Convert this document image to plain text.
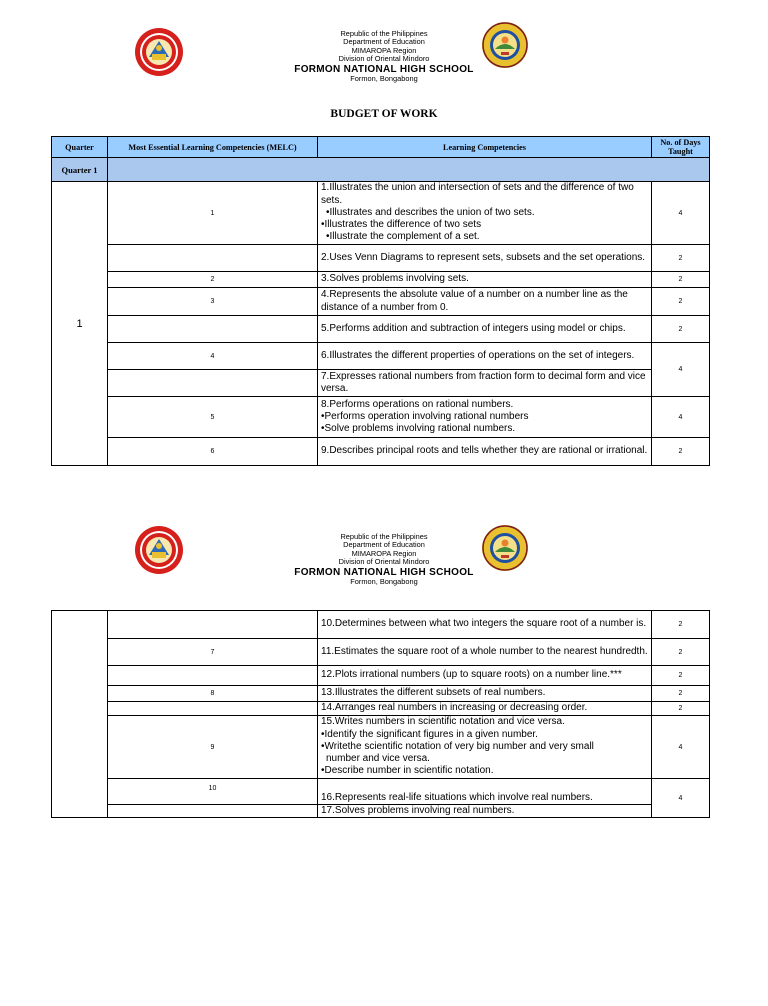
Republic of the Philippines
Department of Education
MIMAROPA Region
Division of Oriental Mindoro
FORMON NATIONAL HIGH SCHOOL
Formon, Bongabong
BUDGET OF WORK
Quarter	Most Essential Learning Competencies (MELC)	Learning Competencies	No. of Days Taught
Quarter 1			
1	1	1.Illustrates the union and intersection of sets and the difference of two sets.
•Illustrates and describes the union of two sets.
•Illustrates the difference of two sets
•Illustrate the complement of a set.	4
		2.Uses Venn Diagrams to represent sets, subsets and the set operations.	2
	2	3.Solves problems involving sets.	2
	3	4.Represents the absolute value of a number on a number line as the distance of a number from 0.	2
		5.Performs addition and subtraction of integers using model or chips.	2
	4	6.Illustrates the different properties of operations on the set of integers.	4
		7.Expresses rational numbers from fraction form to decimal form and vice versa.	
	5	8.Performs operations on rational numbers.
•Performs operation involving rational numbers
•Solve problems involving rational numbers.	4
	6	9.Describes principal roots and tells whether they are rational or irrational.	2
Republic of the Philippines
Department of Education
MIMAROPA Region
Division of Oriental Mindoro
FORMON NATIONAL HIGH SCHOOL
Formon, Bongabong
		10.Determines between what two integers the square root of a number is.	2
	7	11.Estimates the square root of a whole number to the nearest hundredth.	2
		12.Plots irrational numbers (up to square roots) on a number line.***	2
	8	13.Illustrates the different subsets of real numbers.	2
		14.Arranges real numbers in increasing or decreasing order.	2
	9	15.Writes numbers in scientific notation and vice versa.
•Identify the significant figures in a given number.
•Writethe scientific notation of very big number and very small
number and vice versa.
•Describe number in scientific notation.	4
	10	16.Represents real-life situations which involve real numbers.	4
		17.Solves problems involving real numbers.	
